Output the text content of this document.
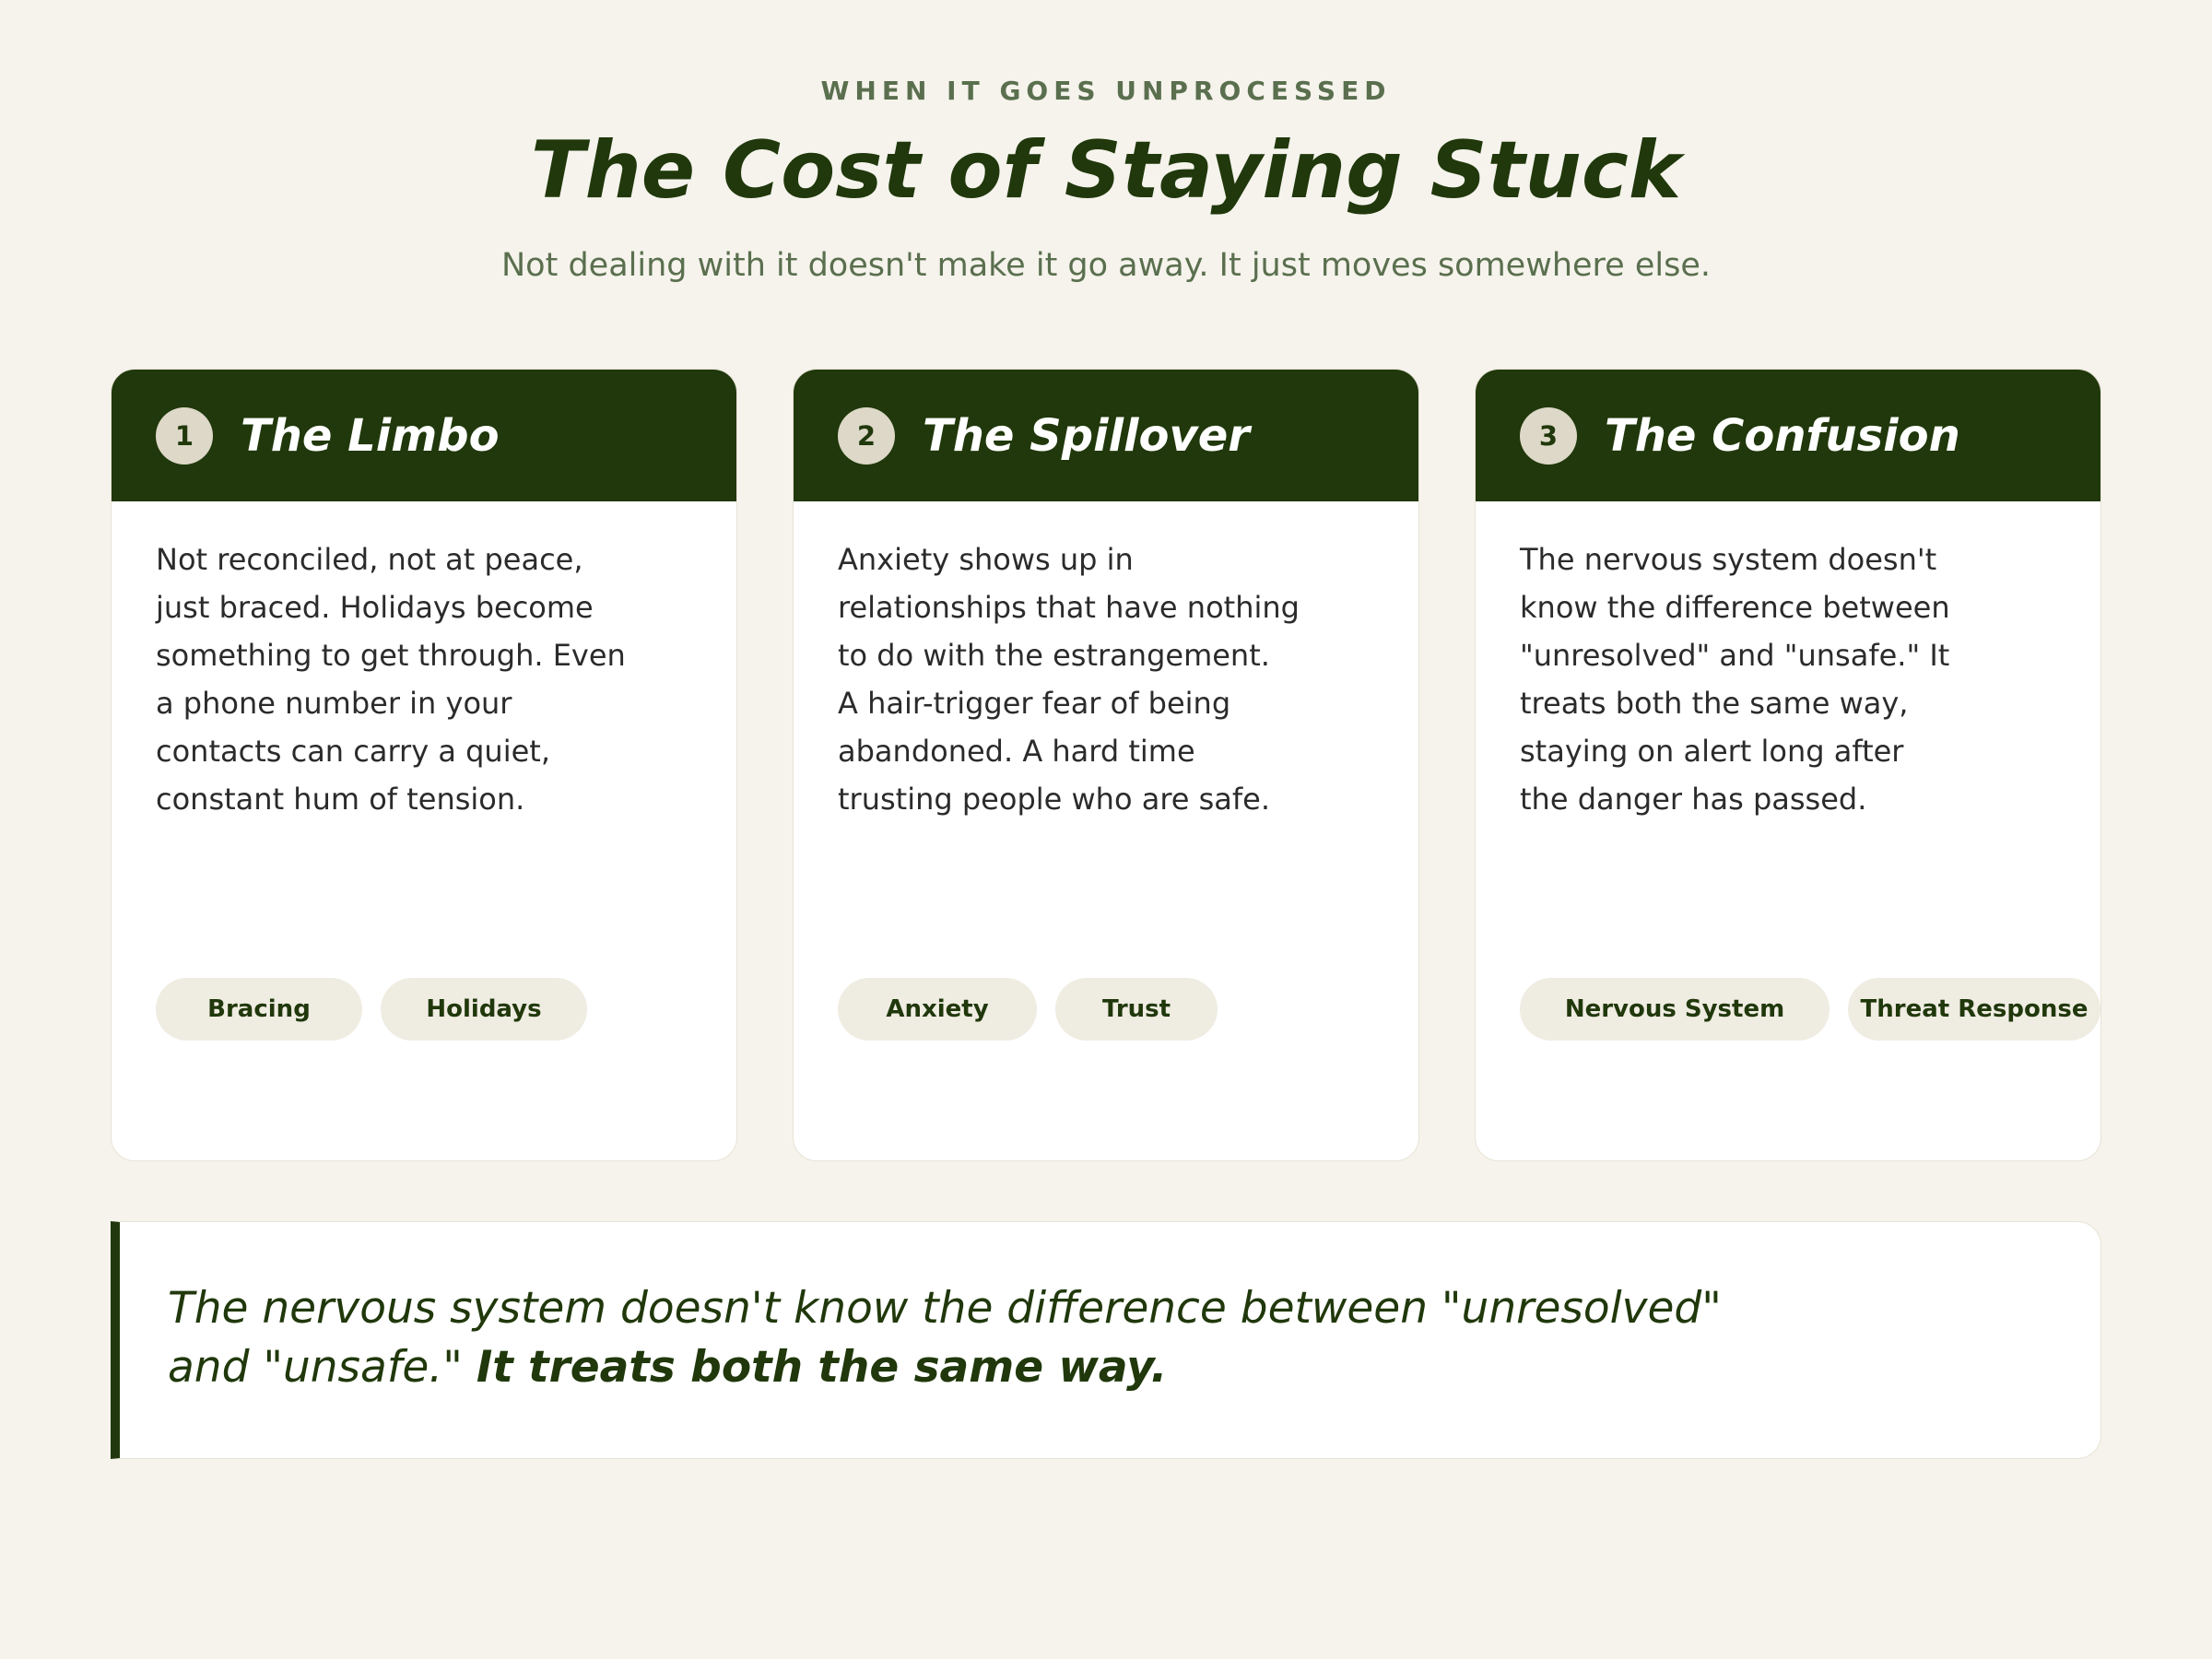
WHEN IT GOES UNPROCESSED
The Cost of Staying Stuck
Not dealing with it doesn't make it go away. It just moves somewhere else.
1	The Limbo
Not reconciled, not at peace,
just braced. Holidays become
something to get through. Even
a phone number in your
contacts can carry a quiet,
constant hum of tension.
Bracing	Holidays
2	The Spillover
Anxiety shows up in
relationships that have nothing
to do with the estrangement.
A hair-trigger fear of being
abandoned. A hard time
trusting people who are safe.
Anxiety	Trust
3	The Confusion
The nervous system doesn't
know the difference between
"unresolved" and "unsafe." It
treats both the same way,
staying on alert long after
the danger has passed.
Nervous System	Threat Response
The nervous system doesn't know the difference between "unresolved"
and "unsafe." It treats both the same way.
